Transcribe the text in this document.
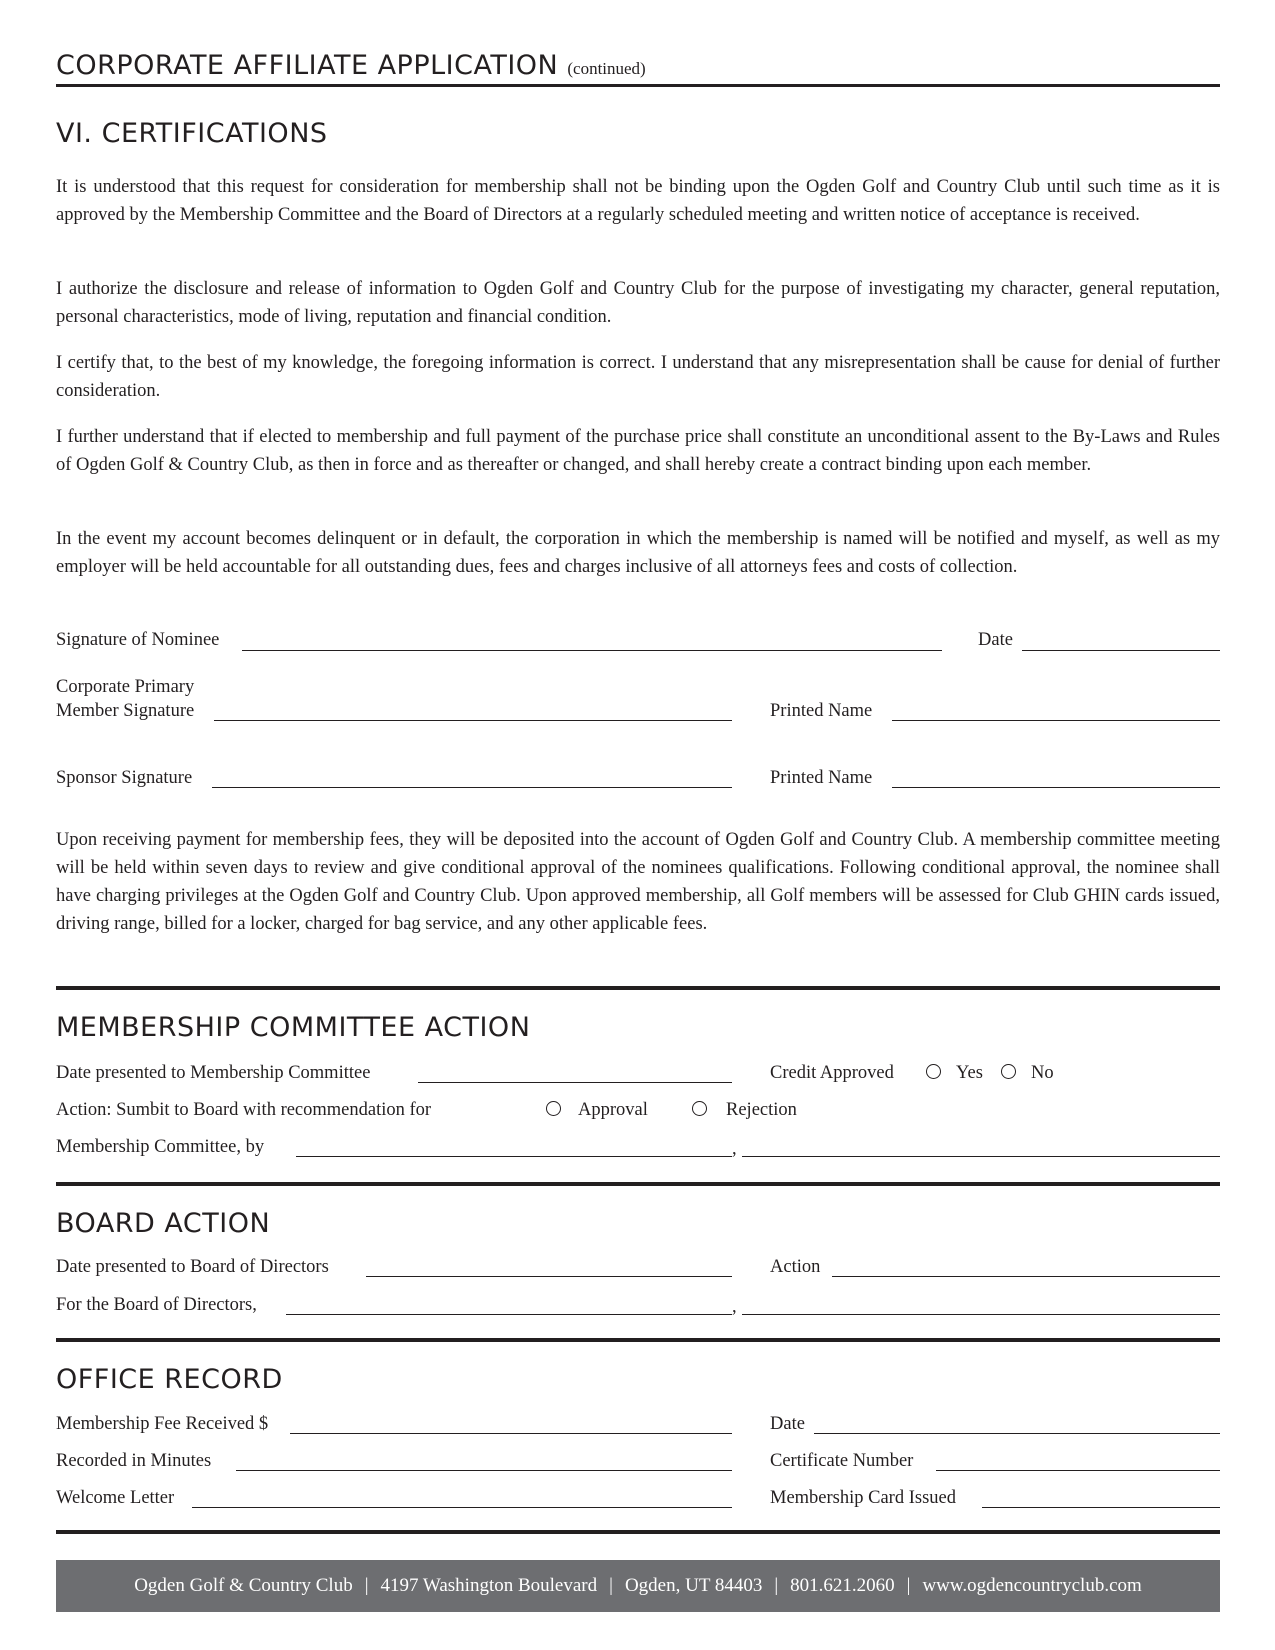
CORPORATE AFFILIATE APPLICATION (continued)
VI. CERTIFICATIONS

It is understood that this request for consideration for membership shall not be binding upon the Ogden Golf and Country Club until such time as it is approved by the Membership Committee and the Board of Directors at a regularly scheduled meeting and written notice of acceptance is received.

I authorize the disclosure and release of information to Ogden Golf and Country Club for the purpose of investigating my character, general reputation, personal characteristics, mode of living, reputation and financial condition.

I certify that, to the best of my knowledge, the foregoing information is correct. I understand that any misrepresentation shall be cause for denial of further consideration.

I further understand that if elected to membership and full payment of the purchase price shall constitute an unconditional assent to the By-Laws and Rules of Ogden Golf & Country Club, as then in force and as thereafter or changed, and shall hereby create a contract binding upon each member.

In the event my account becomes delinquent or in default, the corporation in which the membership is named will be notified and myself, as well as my employer will be held accountable for all outstanding dues, fees and charges inclusive of all attorneys fees and costs of collection.

Signature of Nominee	Date
Corporate Primary
Member Signature	Printed Name
Sponsor Signature	Printed Name

Upon receiving payment for membership fees, they will be deposited into the account of Ogden Golf and Country Club. A membership committee meeting will be held within seven days to review and give conditional approval of the nominees qualifications. Following conditional approval, the nominee shall have charging privileges at the Ogden Golf and Country Club. Upon approved membership, all Golf members will be assessed for Club GHIN cards issued, driving range, billed for a locker, charged for bag service, and any other applicable fees.

MEMBERSHIP COMMITTEE ACTION
Date presented to Membership Committee	Credit Approved	Yes	No
Action: Sumbit to Board with recommendation for	Approval	Rejection
Membership Committee, by	,
BOARD ACTION
Date presented to Board of Directors	Action
For the Board of Directors,	,
OFFICE RECORD
Membership Fee Received $	Date
Recorded in Minutes	Certificate Number
Welcome Letter	Membership Card Issued
Ogden Golf & Country Club | 4197 Washington Boulevard | Ogden, UT 84403 | 801.621.2060 | www.ogdencountryclub.com
